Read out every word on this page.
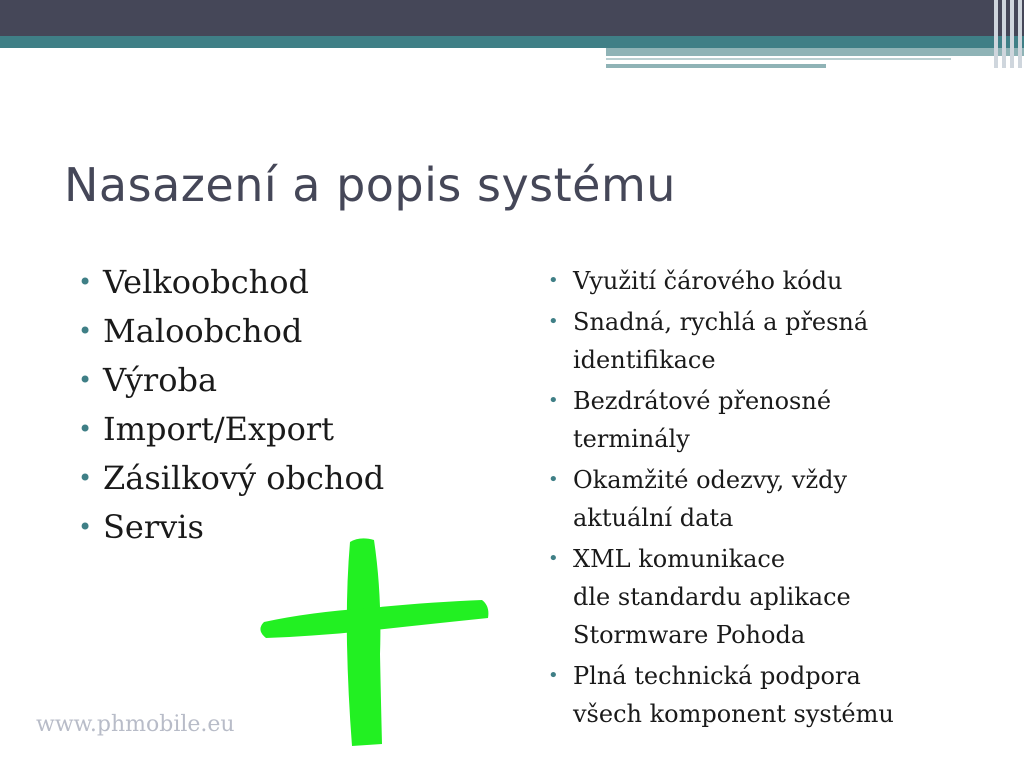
Nasazení a popis systému
• Velkoobchod
• Maloobchod
• Výroba
• Import/Export
• Zásilkový obchod
• Servis
• Využití čárového kódu
• Snadná, rychlá a přesná
identifikace
• Bezdrátové přenosné
terminály
• Okamžité odezvy, vždy
aktuální data
• XML komunikace
dle standardu aplikace
Stormware Pohoda
• Plná technická podpora
všech komponent systému
www.phmobile.eu
